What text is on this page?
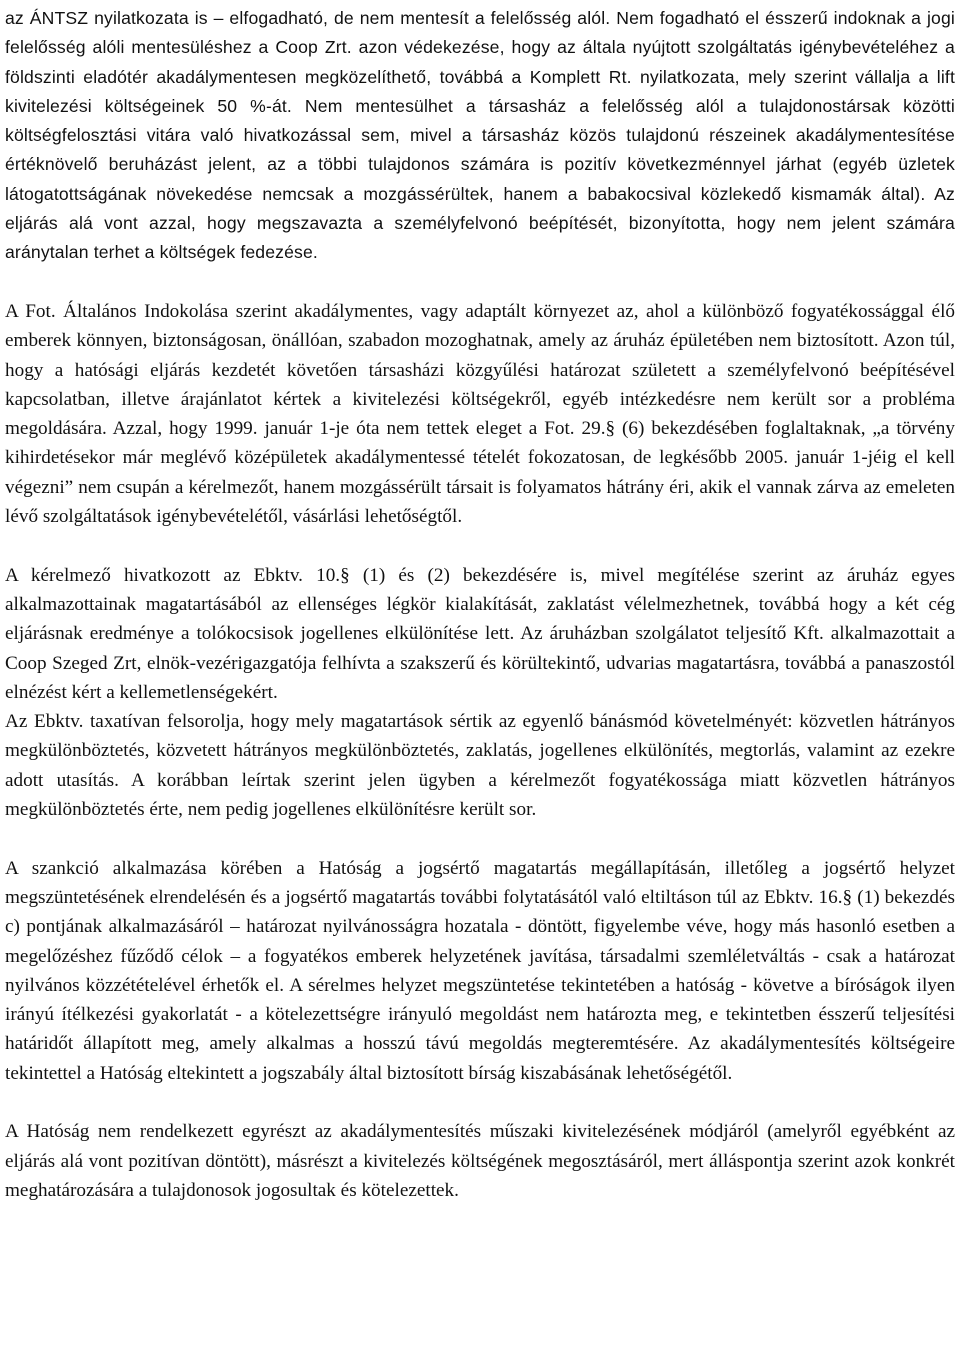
az ÁNTSZ nyilatkozata is – elfogadható, de nem mentesít a felelősség alól. Nem fogadható el ésszerű indoknak a jogi felelősség alóli mentesüléshez a Coop Zrt. azon védekezése, hogy az általa nyújtott szolgáltatás igénybevételéhez a földszinti eladótér akadálymentesen megközelíthető, továbbá a Komplett Rt. nyilatkozata, mely szerint vállalja a lift kivitelezési költségeinek 50 %-át. Nem mentesülhet a társasház a felelősség alól a tulajdonostársak közötti költségfelosztási vitára való hivatkozással sem, mivel a társasház közös tulajdonú részeinek akadálymentesítése értéknövelő beruházást jelent, az a többi tulajdonos számára is pozitív következménnyel járhat (egyéb üzletek látogatottságának növekedése nemcsak a mozgássérültek, hanem a babakocsival közlekedő kismamák által). Az eljárás alá vont azzal, hogy megszavazta a személyfelvonó beépítését, bizonyította, hogy nem jelent számára aránytalan terhet a költségek fedezése.

A Fot. Általános Indokolása szerint akadálymentes, vagy adaptált környezet az, ahol a különböző fogyatékossággal élő emberek könnyen, biztonságosan, önállóan, szabadon mozoghatnak, amely az áruház épületében nem biztosított. Azon túl, hogy a hatósági eljárás kezdetét követően társasházi közgyűlési határozat született a személyfelvonó beépítésével kapcsolatban, illetve árajánlatot kértek a kivitelezési költségekről, egyéb intézkedésre nem került sor a probléma megoldására. Azzal, hogy 1999. január 1-je óta nem tettek eleget a Fot. 29.§ (6) bekezdésében foglaltaknak, „a törvény kihirdetésekor már meglévő középületek akadálymentessé tételét fokozatosan, de legkésőbb 2005. január 1-jéig el kell végezni” nem csupán a kérelmezőt, hanem mozgássérült társait is folyamatos hátrány éri, akik el vannak zárva az emeleten lévő szolgáltatások igénybevételétől, vásárlási lehetőségtől.

A kérelmező hivatkozott az Ebktv. 10.§ (1) és (2) bekezdésére is, mivel megítélése szerint az áruház egyes alkalmazottainak magatartásából az ellenséges légkör kialakítását, zaklatást vélelmezhetnek, továbbá hogy a két cég eljárásnak eredménye a tolókocsisok jogellenes elkülönítése lett. Az áruházban szolgálatot teljesítő Kft. alkalmazottait a Coop Szeged Zrt, elnök-vezérigazgatója felhívta a szakszerű és körültekintő, udvarias magatartásra, továbbá a panaszostól elnézést kért a kellemetlenségekért.

Az Ebktv. taxatívan felsorolja, hogy mely magatartások sértik az egyenlő bánásmód követelményét: közvetlen hátrányos megkülönböztetés, közvetett hátrányos megkülönböztetés, zaklatás, jogellenes elkülönítés, megtorlás, valamint az ezekre adott utasítás. A korábban leírtak szerint jelen ügyben a kérelmezőt fogyatékossága miatt közvetlen hátrányos megkülönböztetés érte, nem pedig jogellenes elkülönítésre került sor.

A szankció alkalmazása körében a Hatóság a jogsértő magatartás megállapításán, illetőleg a jogsértő helyzet megszüntetésének elrendelésén és a jogsértő magatartás további folytatásától való eltiltáson túl az Ebktv. 16.§ (1) bekezdés c) pontjának alkalmazásáról – határozat nyilvánosságra hozatala - döntött, figyelembe véve, hogy más hasonló esetben a megelőzéshez fűződő célok – a fogyatékos emberek helyzetének javítása, társadalmi szemléletváltás - csak a határozat nyilvános közzétételével érhetők el. A sérelmes helyzet megszüntetése tekintetében a hatóság - követve a bíróságok ilyen irányú ítélkezési gyakorlatát - a kötelezettségre irányuló megoldást nem határozta meg, e tekintetben ésszerű teljesítési határidőt állapított meg, amely alkalmas a hosszú távú megoldás megteremtésére. Az akadálymentesítés költségeire tekintettel a Hatóság eltekintett a jogszabály által biztosított bírság kiszabásának lehetőségétől.

A Hatóság nem rendelkezett egyrészt az akadálymentesítés műszaki kivitelezésének módjáról (amelyről egyébként az eljárás alá vont pozitívan döntött), másrészt a kivitelezés költségének megosztásáról, mert álláspontja szerint azok konkrét meghatározására a tulajdonosok jogosultak és kötelezettek.
